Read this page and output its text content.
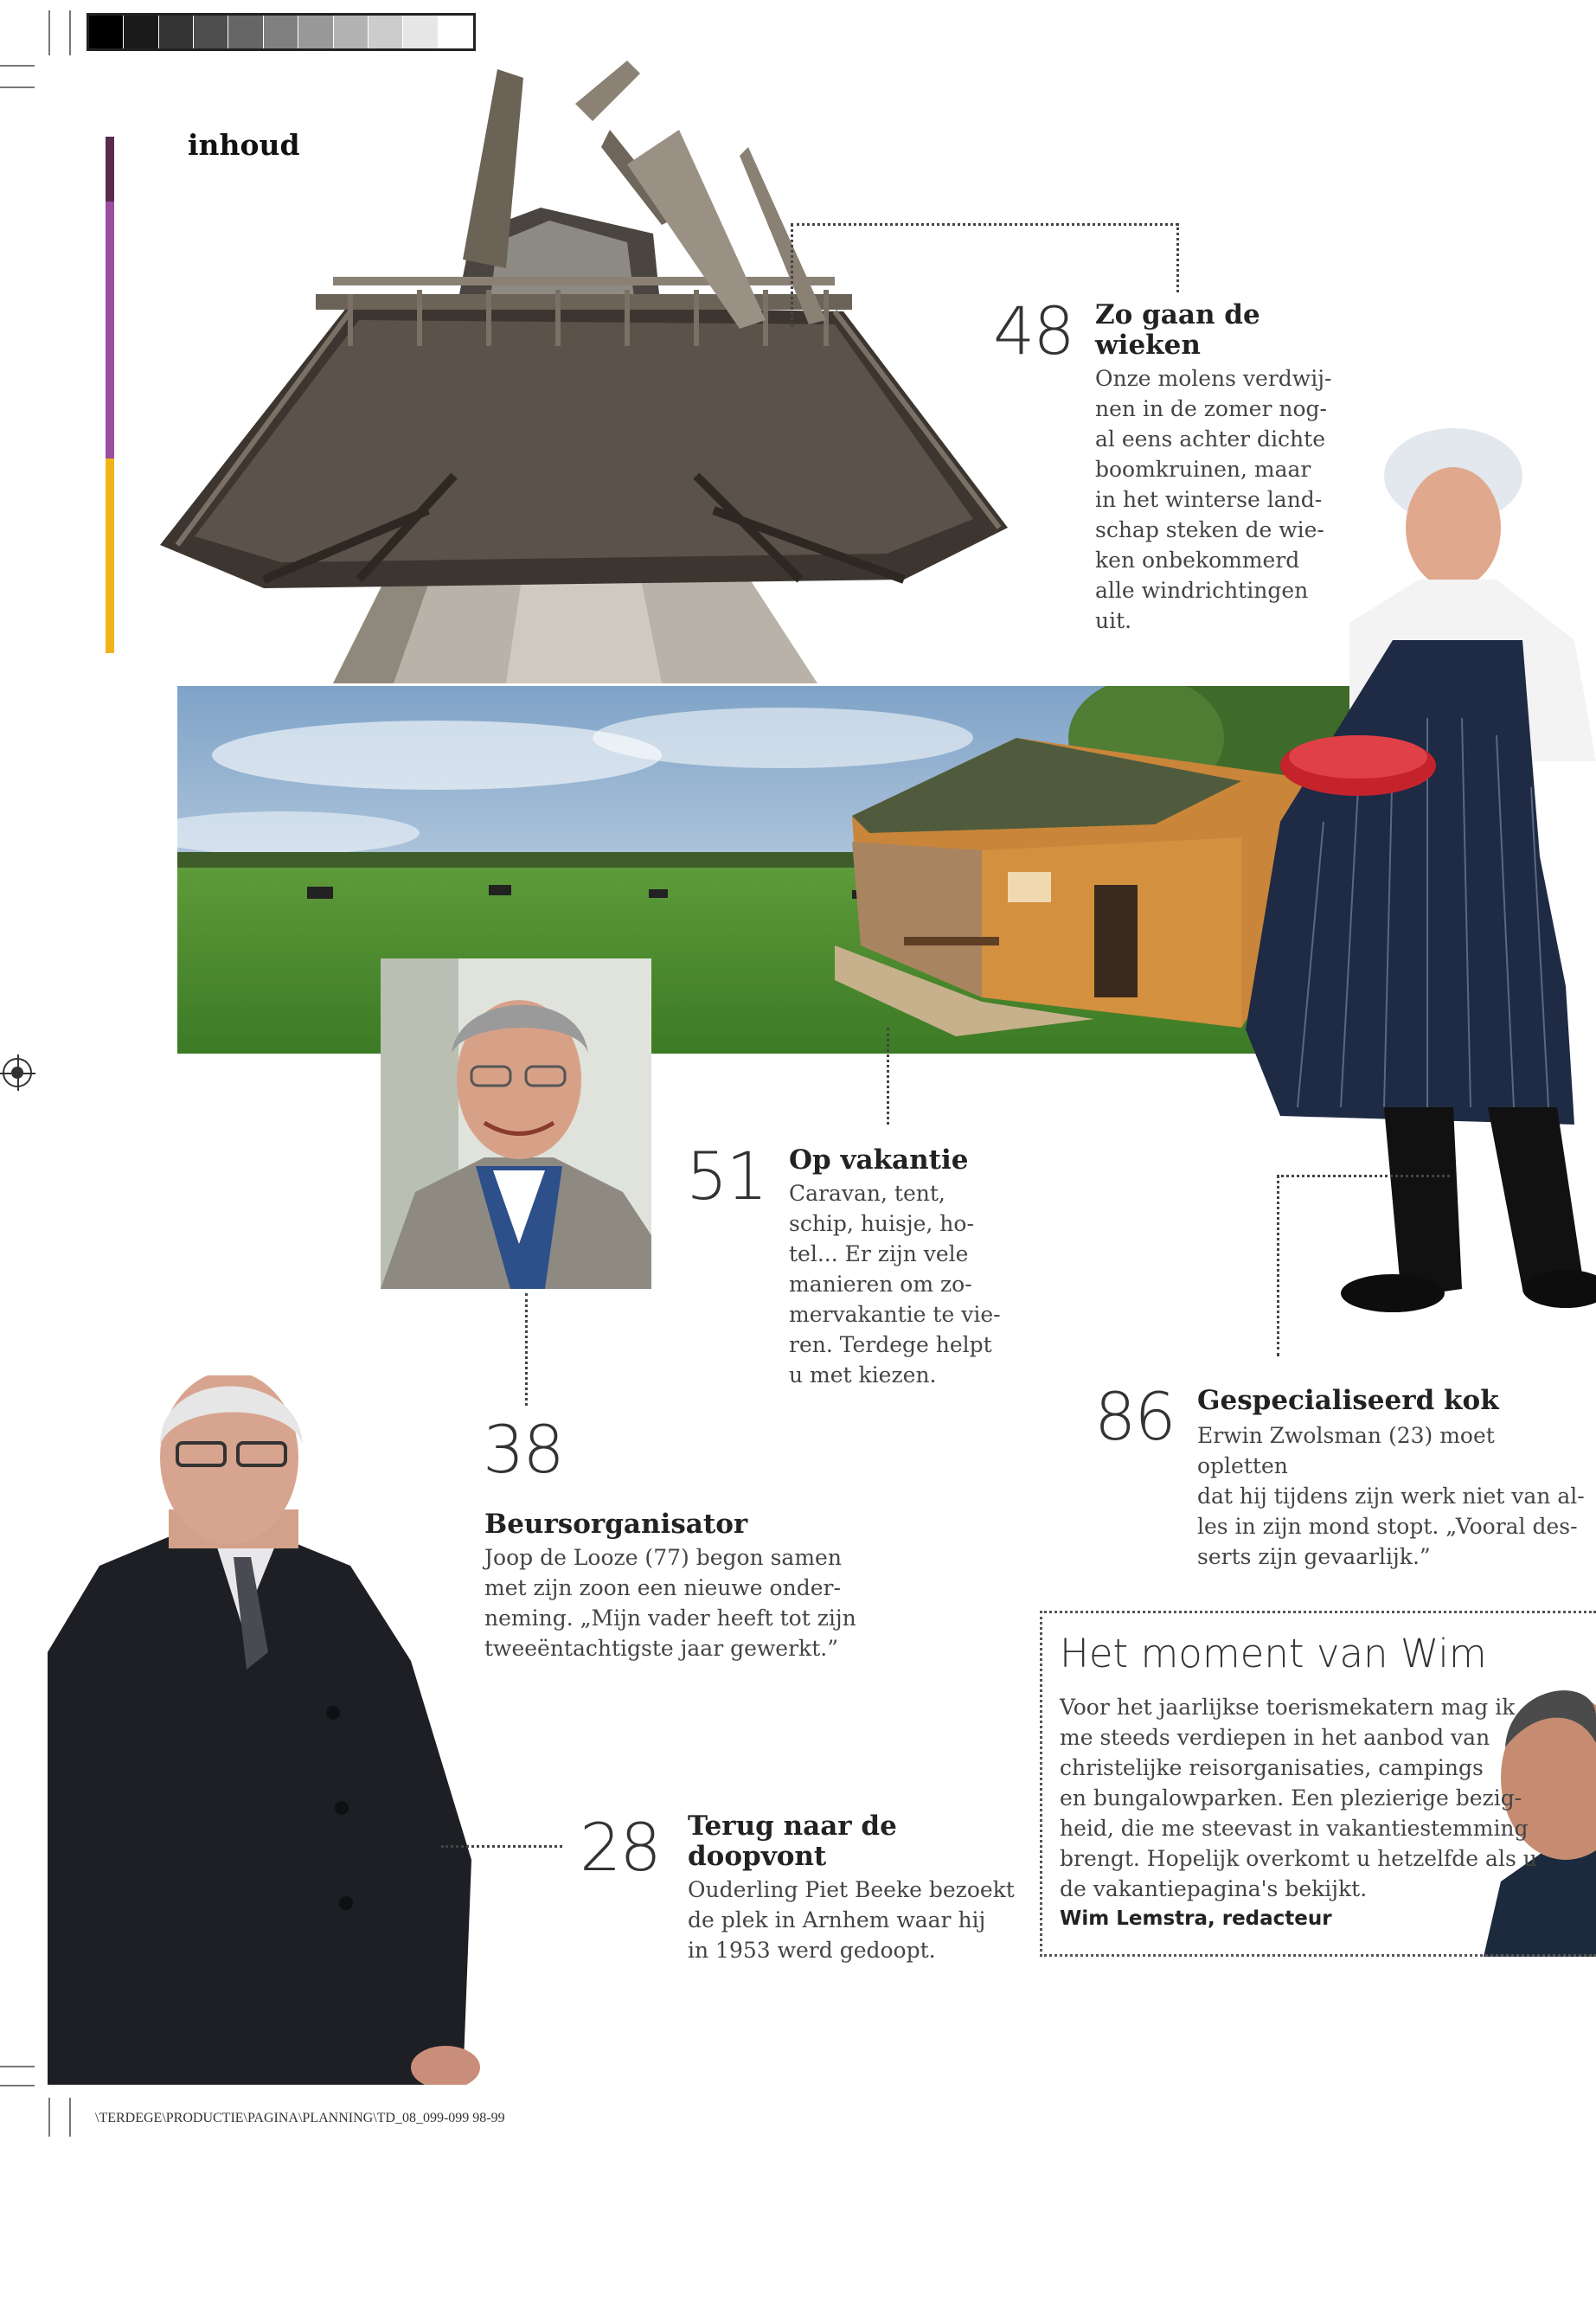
inhoud
48 Zo gaan de
wieken
Onze molens verdwij-
nen in de zomer nog-
al eens achter dichte
boomkruinen, maar
in het winterse land-
schap steken de wie-
ken onbekommerd
alle windrichtingen
uit.
51 Op vakantie
Caravan, tent,
schip, huisje, ho-
tel... Er zijn vele
manieren om zo-
mervakantie te vie-
ren. Terdege helpt
u met kiezen.
38
Beursorganisator
Joop de Looze (77) begon samen
met zijn zoon een nieuwe onder-
neming. „Mijn vader heeft tot zijn
tweeëntachtigste jaar gewerkt.”
86 Gespecialiseerd kok
Erwin Zwolsman (23) moet opletten
dat hij tijdens zijn werk niet van al-
les in zijn mond stopt. „Vooral des-
serts zijn gevaarlijk.”
28 Terug naar de
doopvont
Ouderling Piet Beeke bezoekt
de plek in Arnhem waar hij
in 1953 werd gedoopt.
Het moment van Wim
Voor het jaarlijkse toerismekatern mag ik
me steeds verdiepen in het aanbod van
christelijke reisorganisaties, campings
en bungalowparken. Een plezierige bezig-
heid, die me steevast in vakantiestemming
brengt. Hopelijk overkomt u hetzelfde als u
de vakantiepagina's bekijkt.
Wim Lemstra, redacteur
\TERDEGE\PRODUCTIE\PAGINA\PLANNING\TD_08_099-099 98-99
